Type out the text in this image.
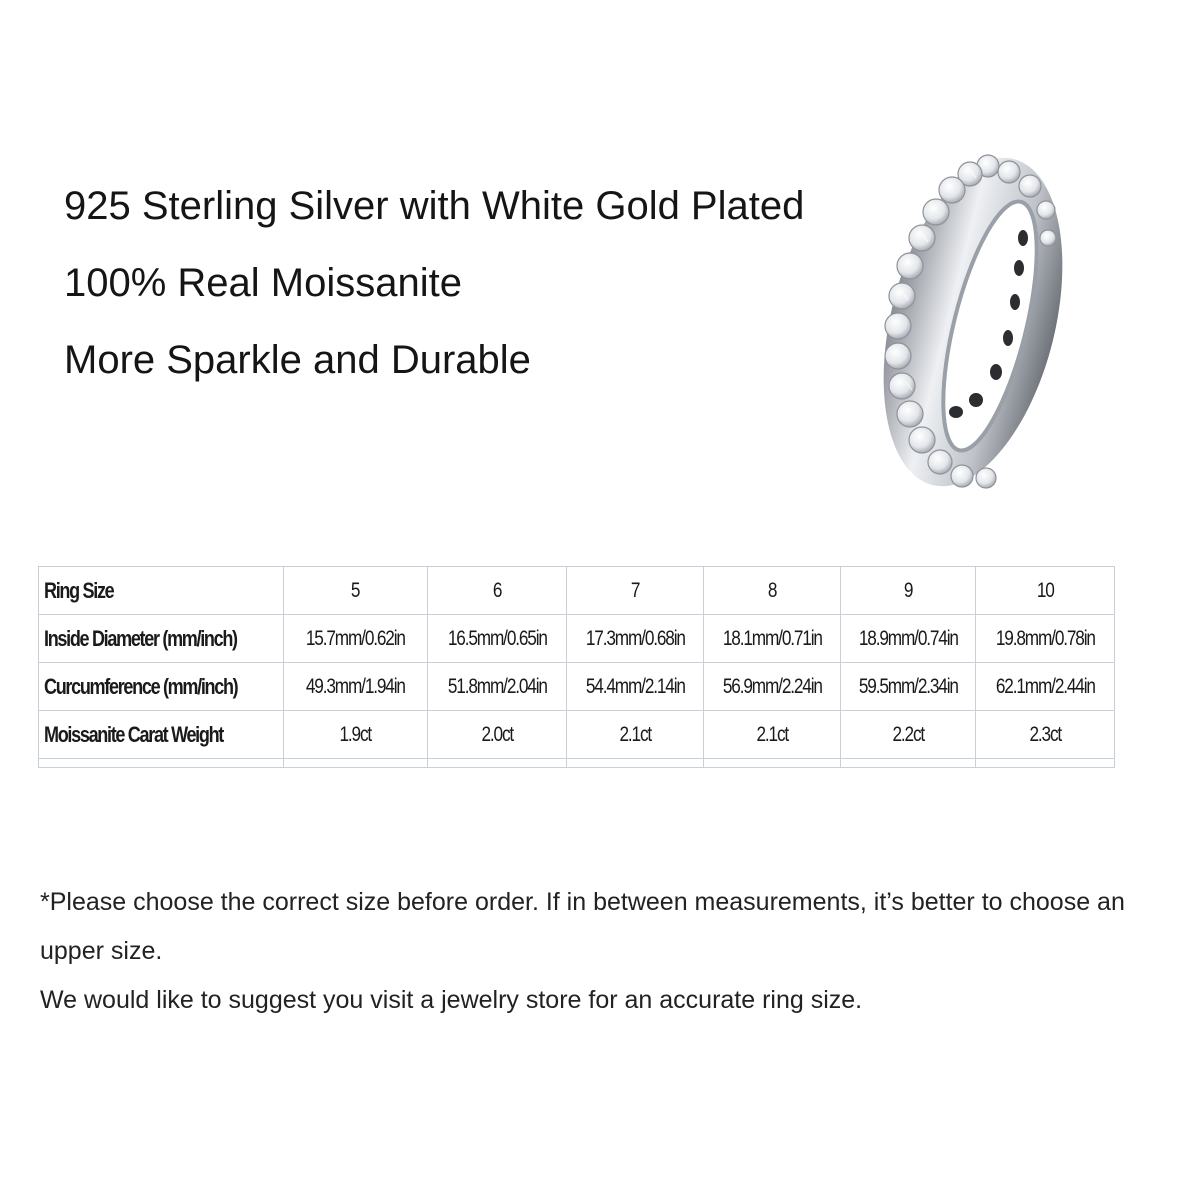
925 Sterling Silver with White Gold Plated
100% Real Moissanite
More Sparkle and Durable
Ring Size	5	6	7	8	9	10
Inside Diameter (mm/inch)	15.7mm/0.62in	16.5mm/0.65in	17.3mm/0.68in	18.1mm/0.71in	18.9mm/0.74in	19.8mm/0.78in
Curcumference (mm/inch)	49.3mm/1.94in	51.8mm/2.04in	54.4mm/2.14in	56.9mm/2.24in	59.5mm/2.34in	62.1mm/2.44in
Moissanite Carat Weight	1.9ct	2.0ct	2.1ct	2.1ct	2.2ct	2.3ct

*Please choose the correct size before order. If in between measurements, it’s better to choose an upper size.

We would like to suggest you visit a jewelry store for an accurate ring size.
